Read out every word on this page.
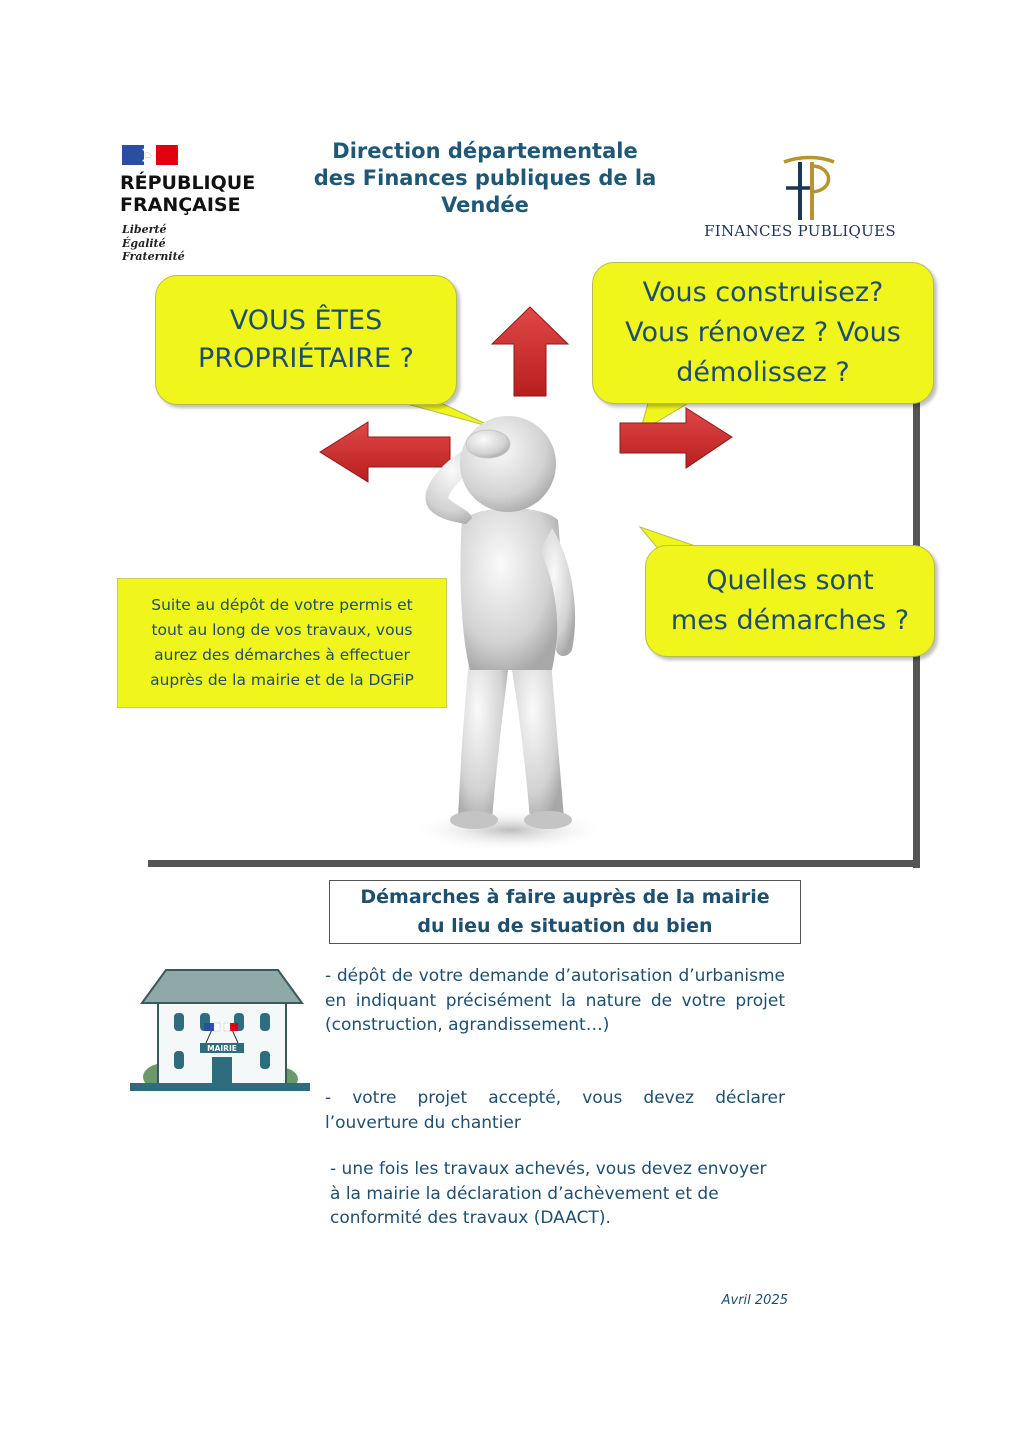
RÉPUBLIQUE FRANÇAISE
Liberté
Égalité
Fraternité
Direction départementale
des Finances publiques de la Vendée
FINANCES PUBLIQUES
VOUS ÊTES
PROPRIÉTAIRE ?
Vous construisez?
Vous rénovez ? Vous
démolissez ?
Quelles sont
mes démarches ?
Suite au dépôt de votre permis et
tout au long de vos travaux, vous
aurez des démarches à effectuer
auprès de la mairie et de la DGFiP
Démarches à faire auprès de la mairie
du lieu de situation du bien
MAIRIE
- dépôt de votre demande d’autorisation d’urbanisme en indiquant précisément la nature de votre projet (construction, agrandissement…)
- votre projet accepté, vous devez déclarer l’ouverture du chantier
- une fois les travaux achevés, vous devez envoyer à la mairie la déclaration d’achèvement et de conformité des travaux (DAACT).
Avril 2025
